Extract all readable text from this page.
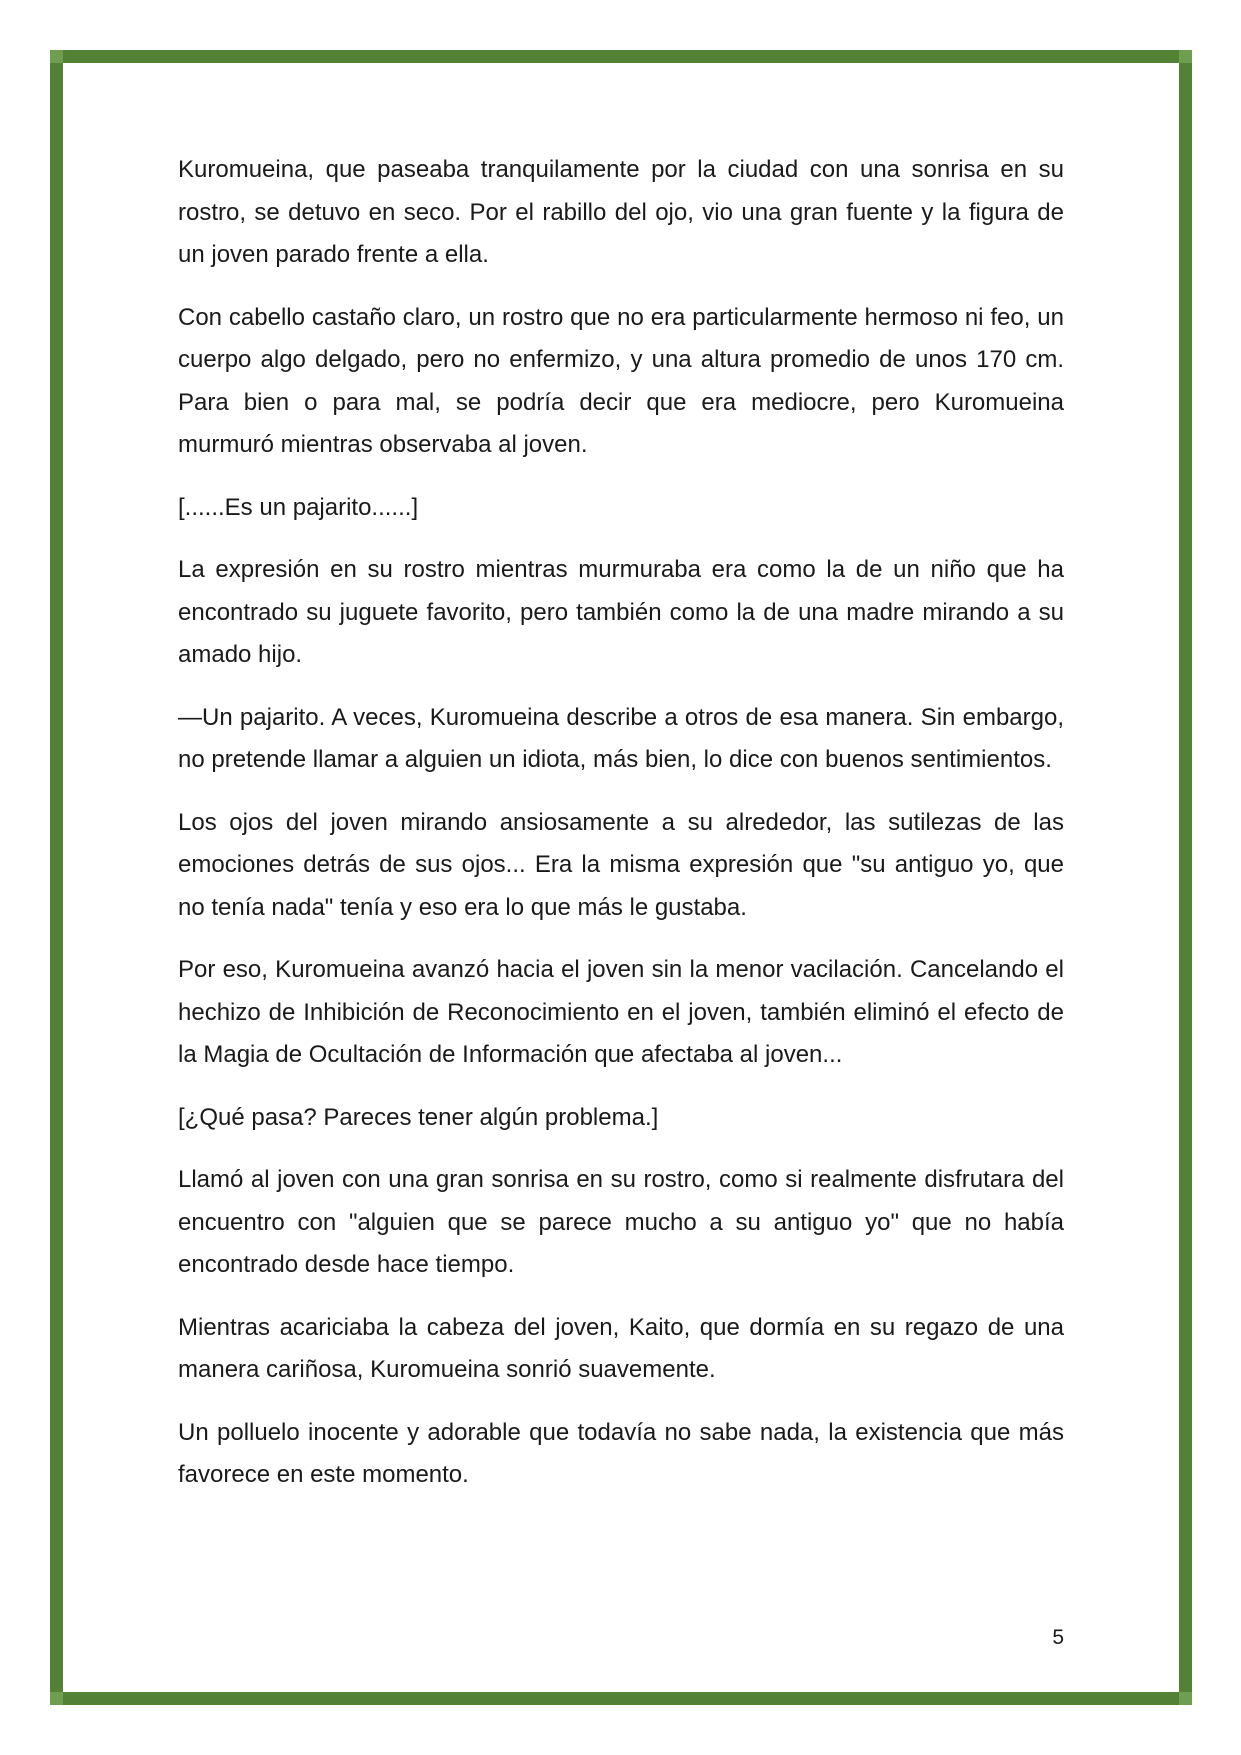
Kuromueina, que paseaba tranquilamente por la ciudad con una sonrisa en su rostro, se detuvo en seco. Por el rabillo del ojo, vio una gran fuente y la figura de un joven parado frente a ella.

Con cabello castaño claro, un rostro que no era particularmente hermoso ni feo, un cuerpo algo delgado, pero no enfermizo, y una altura promedio de unos 170 cm. Para bien o para mal, se podría decir que era mediocre, pero Kuromueina murmuró mientras observaba al joven.

[......Es un pajarito......]

La expresión en su rostro mientras murmuraba era como la de un niño que ha encontrado su juguete favorito, pero también como la de una madre mirando a su amado hijo.

—Un pajarito. A veces, Kuromueina describe a otros de esa manera. Sin embargo, no pretende llamar a alguien un idiota, más bien, lo dice con buenos sentimientos.

Los ojos del joven mirando ansiosamente a su alrededor, las sutilezas de las emociones detrás de sus ojos... Era la misma expresión que "su antiguo yo, que no tenía nada" tenía y eso era lo que más le gustaba.

Por eso, Kuromueina avanzó hacia el joven sin la menor vacilación. Cancelando el hechizo de Inhibición de Reconocimiento en el joven, también eliminó el efecto de la Magia de Ocultación de Información que afectaba al joven...

[¿Qué pasa? Pareces tener algún problema.]

Llamó al joven con una gran sonrisa en su rostro, como si realmente disfrutara del encuentro con "alguien que se parece mucho a su antiguo yo" que no había encontrado desde hace tiempo.

Mientras acariciaba la cabeza del joven, Kaito, que dormía en su regazo de una manera cariñosa, Kuromueina sonrió suavemente.

Un polluelo inocente y adorable que todavía no sabe nada, la existencia que más favorece en este momento.

5
